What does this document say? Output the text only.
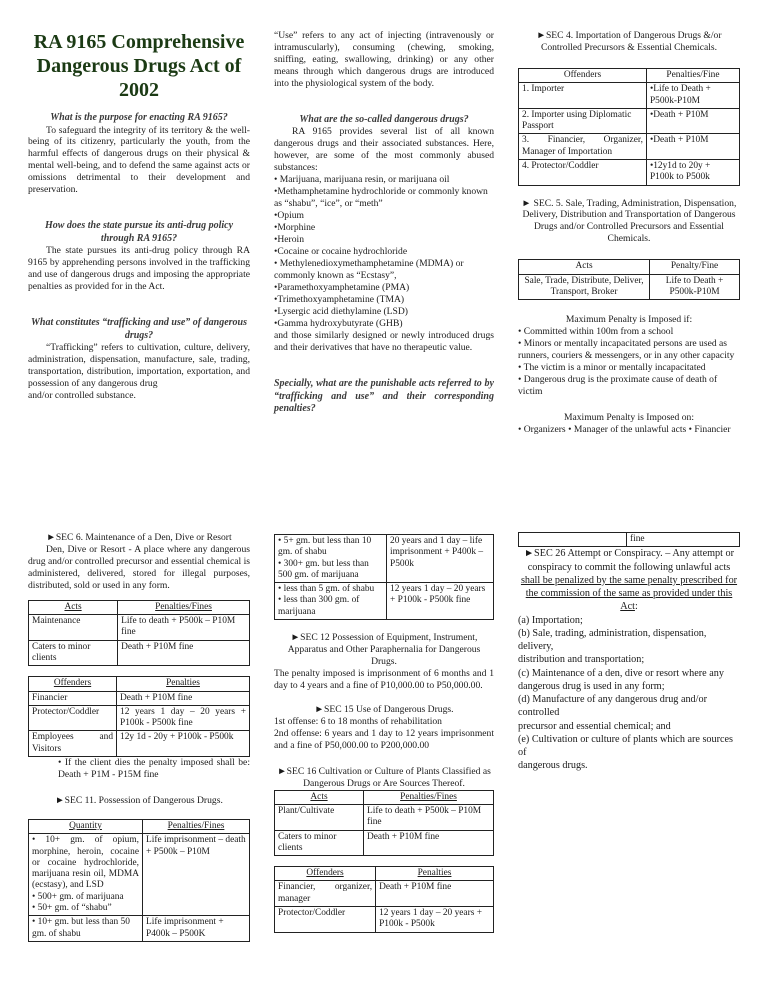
RA 9165 Comprehensive Dangerous Drugs Act of 2002
What is the purpose for enacting RA 9165?
To safeguard the integrity of its territory & the well-being of its citizenry, particularly the youth, from the harmful effects of dangerous drugs on their physical & mental well-being, and to defend the same against acts or omissions detrimental to their development and preservation.
How does the state pursue its anti-drug policy through RA 9165?
The state pursues its anti-drug policy through RA 9165 by apprehending persons involved in the trafficking and use of dangerous drugs and imposing the appropriate penalties as provided for in the Act.
What constitutes “trafficking and use” of dangerous drugs?
“Trafficking” refers to cultivation, culture, delivery, administration, dispensation, manufacture, sale, trading, transportation, distribution, importation, exportation, and possession of any dangerous drug
and/or controlled substance.
“Use” refers to any act of injecting (intravenously or intramuscularly), consuming (chewing, smoking, sniffing, eating, swallowing, drinking) or any other means through which dangerous drugs are introduced into the physiological system of the body.
What are the so-called dangerous drugs?
RA 9165 provides several list of all known dangerous drugs and their associated substances. Here, however, are some of the most commonly abused substances:
• Marijuana, marijuana resin, or marijuana oil
•Methamphetamine hydrochloride or commonly known as “shabu”, “ice”, or “meth”
•Opium
•Morphine
•Heroin
•Cocaine or cocaine hydrochloride
• Methylenedioxymethamphetamine (MDMA) or commonly known as “Ecstasy”,
•Paramethoxyamphetamine (PMA)
•Trimethoxyamphetamine (TMA)
•Lysergic acid diethylamine (LSD)
•Gamma hydroxybutyrate (GHB)
and those similarly designed or newly introduced drugs and their derivatives that have no therapeutic value.
Specially, what are the punishable acts referred to by “trafficking and use” and their corresponding penalties?
►SEC 4. Importation of Dangerous Drugs &/or Controlled Precursors & Essential Chemicals.
Offenders	Penalties/Fine
1. Importer	•Life to Death + P500k-P10M
2. Importer using Diplomatic Passport	•Death + P10M
3. Financier, Organizer, Manager of Importation	•Death + P10M
4. Protector/Coddler	•12y1d to 20y + P100k to P500k
► SEC. 5. Sale, Trading, Administration, Dispensation, Delivery, Distribution and Transportation of Dangerous Drugs and/or Controlled Precursors and Essential Chemicals.
Acts	Penalty/Fine
Sale, Trade, Distribute, Deliver, Transport, Broker	Life to Death + P500k-P10M
Maximum Penalty is Imposed if:
• Committed within 100m from a school
• Minors or mentally incapacitated persons are used as runners, couriers & messengers, or in any other capacity
• The victim is a minor or mentally incapacitated
• Dangerous drug is the proximate cause of death of victim
Maximum Penalty is Imposed on:
• Organizers • Manager of the unlawful acts • Financier
►SEC 6. Maintenance of a Den, Dive or Resort
Den, Dive or Resort - A place where any dangerous drug and/or controlled precursor and essential chemical is administered, delivered, stored for illegal purposes, distributed, sold or used in any form.
Acts	Penalties/Fines
Maintenance	Life to death + P500k – P10M fine
Caters to minor clients	Death + P10M fine
Offenders	Penalties
Financier	Death + P10M fine
Protector/Coddler	12 years 1 day – 20 years + P100k - P500k fine
Employees and Visitors	12y 1d - 20y + P100k - P500k
• If the client dies the penalty imposed shall be: Death + P1M - P15M fine
►SEC 11. Possession of Dangerous Drugs.
Quantity	Penalties/Fines
• 10+ gm. of opium, morphine, heroin, cocaine or cocaine hydrochloride, marijuana resin oil, MDMA (ecstasy), and LSD
• 500+ gm. of marijuana
• 50+ gm. of “shabu”	Life imprisonment – death + P500k – P10M
• 10+ gm. but less than 50 gm. of shabu	Life imprisonment + P400k – P500K
• 5+ gm. but less than 10 gm. of shabu
• 300+ gm. but less than 500 gm. of marijuana	20 years and 1 day – life imprisonment + P400k – P500k
• less than 5 gm. of shabu
• less than 300 gm. of marijuana	12 years 1 day – 20 years + P100k - P500k fine
►SEC 12 Possession of Equipment, Instrument, Apparatus and Other Paraphernalia for Dangerous Drugs.
The penalty imposed is imprisonment of 6 months and 1 day to 4 years and a fine of P10,000.00 to P50,000.00.
►SEC 15 Use of Dangerous Drugs.
1st offense: 6 to 18 months of rehabilitation
2nd offense: 6 years and 1 day to 12 years imprisonment and a fine of P50,000.00 to P200,000.00
►SEC 16 Cultivation or Culture of Plants Classified as Dangerous Drugs or Are Sources Thereof.
Acts	Penalties/Fines
Plant/Cultivate	Life to death + P500k – P10M fine
Caters to minor clients	Death + P10M fine
Offenders	Penalties
Financier, organizer, manager	Death + P10M fine
Protector/Coddler	12 years 1 day – 20 years + P100k - P500k
	fine
►SEC 26 Attempt or Conspiracy. – Any attempt or conspiracy to commit the following unlawful acts shall be penalized by the same penalty prescribed for the commission of the same as provided under this Act:
(a) Importation;
(b) Sale, trading, administration, dispensation, delivery,
distribution and transportation;
(c) Maintenance of a den, dive or resort where any
dangerous drug is used in any form;
(d) Manufacture of any dangerous drug and/or controlled
precursor and essential chemical; and
(e) Cultivation or culture of plants which are sources of
dangerous drugs.
